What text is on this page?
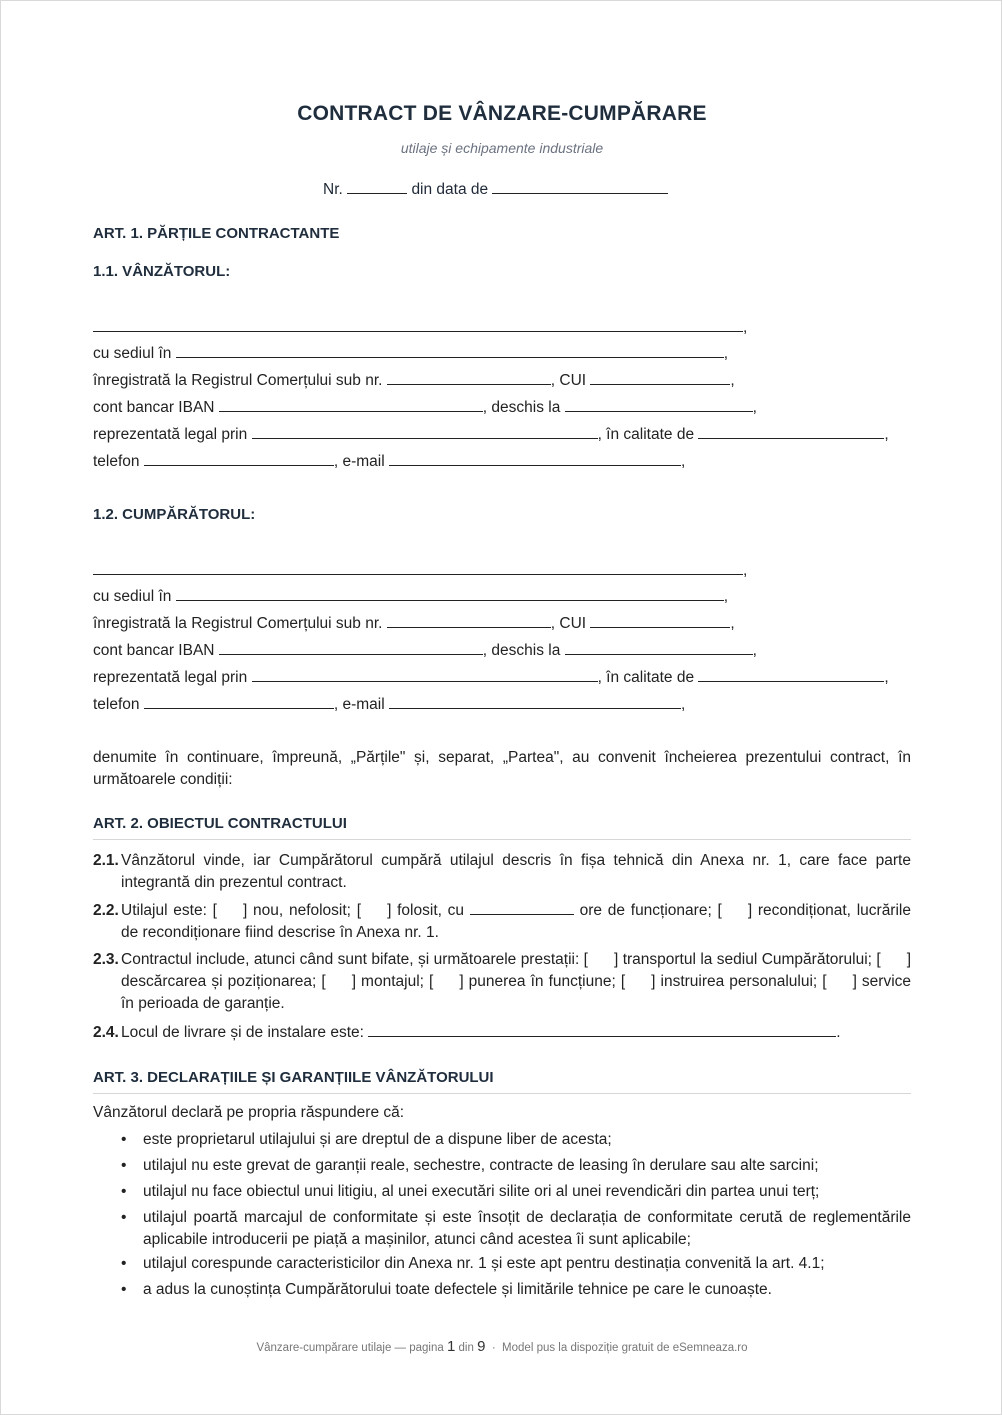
CONTRACT DE VÂNZARE-CUMPĂRARE
utilaje și echipamente industriale
Nr.	din data de
ART. 1. PĂRȚILE CONTRACTANTE
1.1. VÂNZĂTORUL:
,
cu sediul în	,
înregistrată la Registrul Comerțului sub nr.	, CUI	,
cont bancar IBAN	, deschis la	,
reprezentată legal prin	, în calitate de	,
telefon	, e-mail	,
1.2. CUMPĂRĂTORUL:
,
cu sediul în	,
înregistrată la Registrul Comerțului sub nr.	, CUI	,
cont bancar IBAN	, deschis la	,
reprezentată legal prin	, în calitate de	,
telefon	, e-mail	,
denumite în continuare, împreună, „Părțile" și, separat, „Partea", au convenit încheierea prezentului contract, în următoarele condiții:
ART. 2. OBIECTUL CONTRACTULUI
2.1. Vânzătorul vinde, iar Cumpărătorul cumpără utilajul descris în fișa tehnică din Anexa nr. 1, care face parte integrantă din prezentul contract.
2.2. Utilajul este: [ ] nou, nefolosit; [ ] folosit, cu	ore de funcționare; [ ] recondiționat, lucrările de recondiționare fiind descrise în Anexa nr. 1.
2.3. Contractul include, atunci când sunt bifate, și următoarele prestații: [ ] transportul la sediul Cumpărătorului; [ ] descărcarea și poziționarea; [ ] montajul; [ ] punerea în funcțiune; [ ] instruirea personalului; [ ] service în perioada de garanție.
2.4. Locul de livrare și de instalare este:	.
ART. 3. DECLARAȚIILE ȘI GARANȚIILE VÂNZĂTORULUI
Vânzătorul declară pe propria răspundere că:
•	este proprietarul utilajului și are dreptul de a dispune liber de acesta;
•	utilajul nu este grevat de garanții reale, sechestre, contracte de leasing în derulare sau alte sarcini;
•	utilajul nu face obiectul unui litigiu, al unei executări silite ori al unei revendicări din partea unui terț;
•	utilajul poartă marcajul de conformitate și este însoțit de declarația de conformitate cerută de reglementările aplicabile introducerii pe piață a mașinilor, atunci când acestea îi sunt aplicabile;
•	utilajul corespunde caracteristicilor din Anexa nr. 1 și este apt pentru destinația convenită la art. 4.1;
•	a adus la cunoștința Cumpărătorului toate defectele și limitările tehnice pe care le cunoaște.
Vânzare-cumpărare utilaje — pagina 1 din 9 · Model pus la dispoziție gratuit de eSemneaza.ro
